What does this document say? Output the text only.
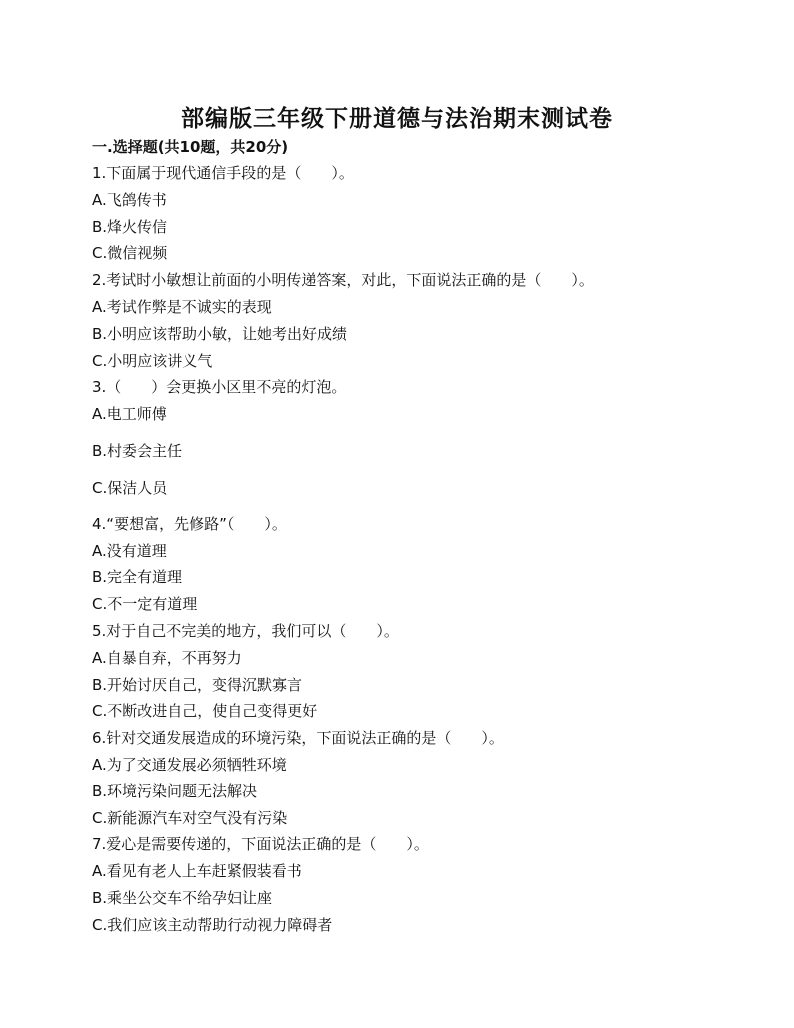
部编版三年级下册道德与法治期末测试卷
一.选择题(共10题，共20分)
1.下面属于现代通信手段的是（　　）。
A.飞鸽传书
B.烽火传信
C.微信视频
2.考试时小敏想让前面的小明传递答案，对此，下面说法正确的是（　　）。
A.考试作弊是不诚实的表现
B.小明应该帮助小敏，让她考出好成绩
C.小明应该讲义气
3.（　　）会更换小区里不亮的灯泡。
A.电工师傅
B.村委会主任
C.保洁人员
4.“要想富，先修路”（　　）。
A.没有道理
B.完全有道理
C.不一定有道理
5.对于自己不完美的地方，我们可以（　　）。
A.自暴自弃，不再努力
B.开始讨厌自己，变得沉默寡言
C.不断改进自己，使自己变得更好
6.针对交通发展造成的环境污染，下面说法正确的是（　　）。
A.为了交通发展必须牺牲环境
B.环境污染问题无法解决
C.新能源汽车对空气没有污染
7.爱心是需要传递的，下面说法正确的是（　　）。
A.看见有老人上车赶紧假装看书
B.乘坐公交车不给孕妇让座
C.我们应该主动帮助行动视力障碍者
